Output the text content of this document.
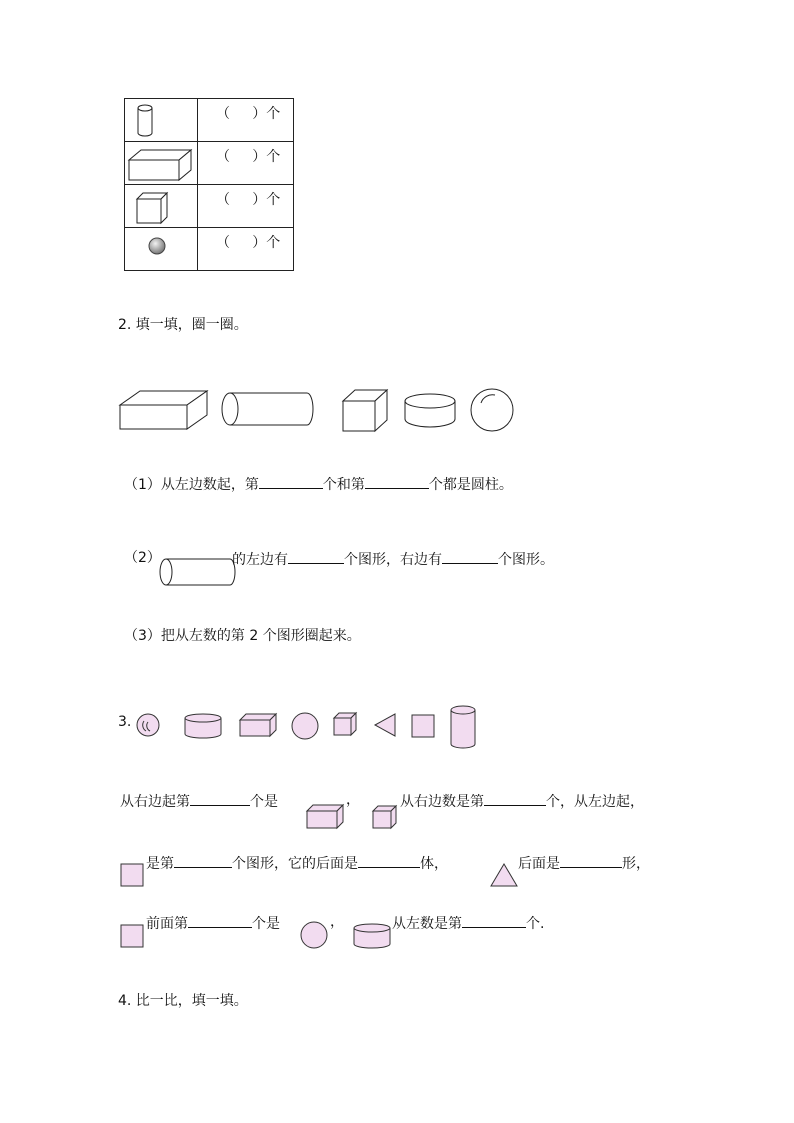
（     ）个

（     ）个

（     ）个

（     ）个
2. 填一填，圈一圈。
（1）从左边数起，第	个和第	个都是圆柱。
（2）	的左边有	个图形，右边有	个图形。
（3）把从左数的第 2 个图形圈起来。
3.
从右边起第	个是	，	从右边数是第	个，从左边起，
是第	个图形，它的后面是	体，	后面是	形，
前面第	个是	，	从左数是第	个.
4. 比一比，填一填。
